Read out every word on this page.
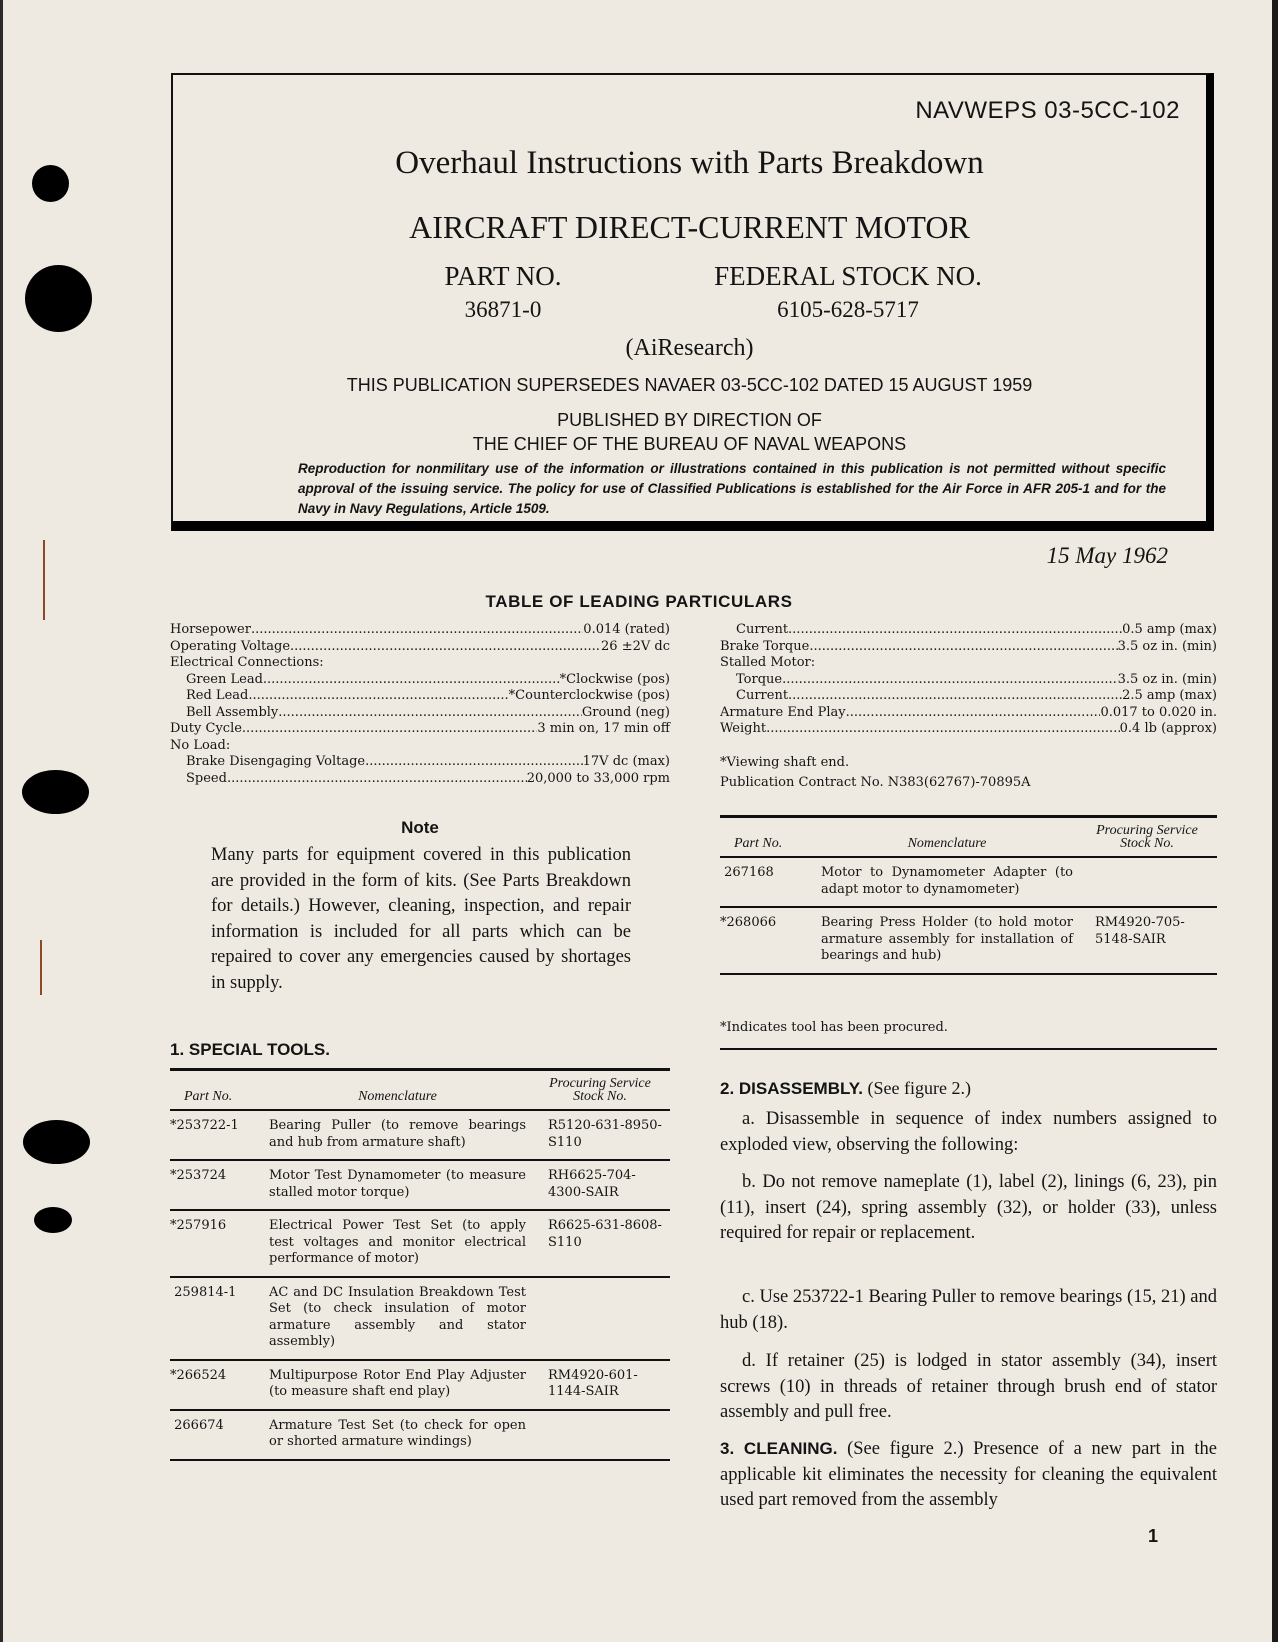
NAVWEPS 03-5CC-102
Overhaul Instructions with Parts Breakdown
AIRCRAFT DIRECT-CURRENT MOTOR
PART NO.
36871-0
FEDERAL STOCK NO.
6105-628-5717
(AiResearch)
THIS PUBLICATION SUPERSEDES NAVAER 03-5CC-102 DATED 15 AUGUST 1959
PUBLISHED BY DIRECTION OF
THE CHIEF OF THE BUREAU OF NAVAL WEAPONS
Reproduction for nonmilitary use of the information or illustrations contained in this publication is not permitted without specific approval of the issuing service. The policy for use of Classified Publications is established for the Air Force in AFR 205-1 and for the Navy in Navy Regulations, Article 1509.
15 May 1962
TABLE OF LEADING PARTICULARS
Horsepower .....	0.014 (rated)
Operating Voltage .....	26 ±2V dc
Electrical Connections:
Green Lead .....	*Clockwise (pos)
Red Lead .....	*Counterclockwise (pos)
Bell Assembly .....	Ground (neg)
Duty Cycle .....	3 min on, 17 min off
No Load:
Brake Disengaging Voltage .....	17V dc (max)
Speed .....	20,000 to 33,000 rpm
Current .....	0.5 amp (max)
Brake Torque .....	3.5 oz in. (min)
Stalled Motor:
Torque .....	3.5 oz in. (min)
Current .....	2.5 amp (max)
Armature End Play .....	0.017 to 0.020 in.
Weight .....	0.4 lb (approx)
*Viewing shaft end.
Publication Contract No. N383(62767)-70895A
Note
Many parts for equipment covered in this publication are provided in the form of kits. (See Parts Breakdown for details.) However, cleaning, inspection, and repair information is included for all parts which can be repaired to cover any emergencies caused by shortages in supply.
1. SPECIAL TOOLS.
Part No.	Nomenclature	Procuring Service Stock No.
*253722-1	Bearing Puller (to remove bearings and hub from armature shaft)	R5120-631-8950-S110
*253724	Motor Test Dynamometer (to measure stalled motor torque)	RH6625-704-4300-SAIR
*257916	Electrical Power Test Set (to apply test voltages and monitor electrical performance of motor)	R6625-631-8608-S110
259814-1	AC and DC Insulation Breakdown Test Set (to check insulation of motor armature assembly and stator assembly)	
*266524	Multipurpose Rotor End Play Adjuster (to measure shaft end play)	RM4920-601-1144-SAIR
266674	Armature Test Set (to check for open or shorted armature windings)	
Part No.	Nomenclature	Procuring Service Stock No.
267168	Motor to Dynamometer Adapter (to adapt motor to dynamometer)	
*268066	Bearing Press Holder (to hold motor armature assembly for installation of bearings and hub)	RM4920-705-5148-SAIR
*Indicates tool has been procured.
2. DISASSEMBLY. (See figure 2.)
a. Disassemble in sequence of index numbers assigned to exploded view, observing the following:
b. Do not remove nameplate (1), label (2), linings (6, 23), pin (11), insert (24), spring assembly (32), or holder (33), unless required for repair or replacement.
c. Use 253722-1 Bearing Puller to remove bearings (15, 21) and hub (18).
d. If retainer (25) is lodged in stator assembly (34), insert screws (10) in threads of retainer through brush end of stator assembly and pull free.
3. CLEANING. (See figure 2.) Presence of a new part in the applicable kit eliminates the necessity for cleaning the equivalent used part removed from the assembly
1
